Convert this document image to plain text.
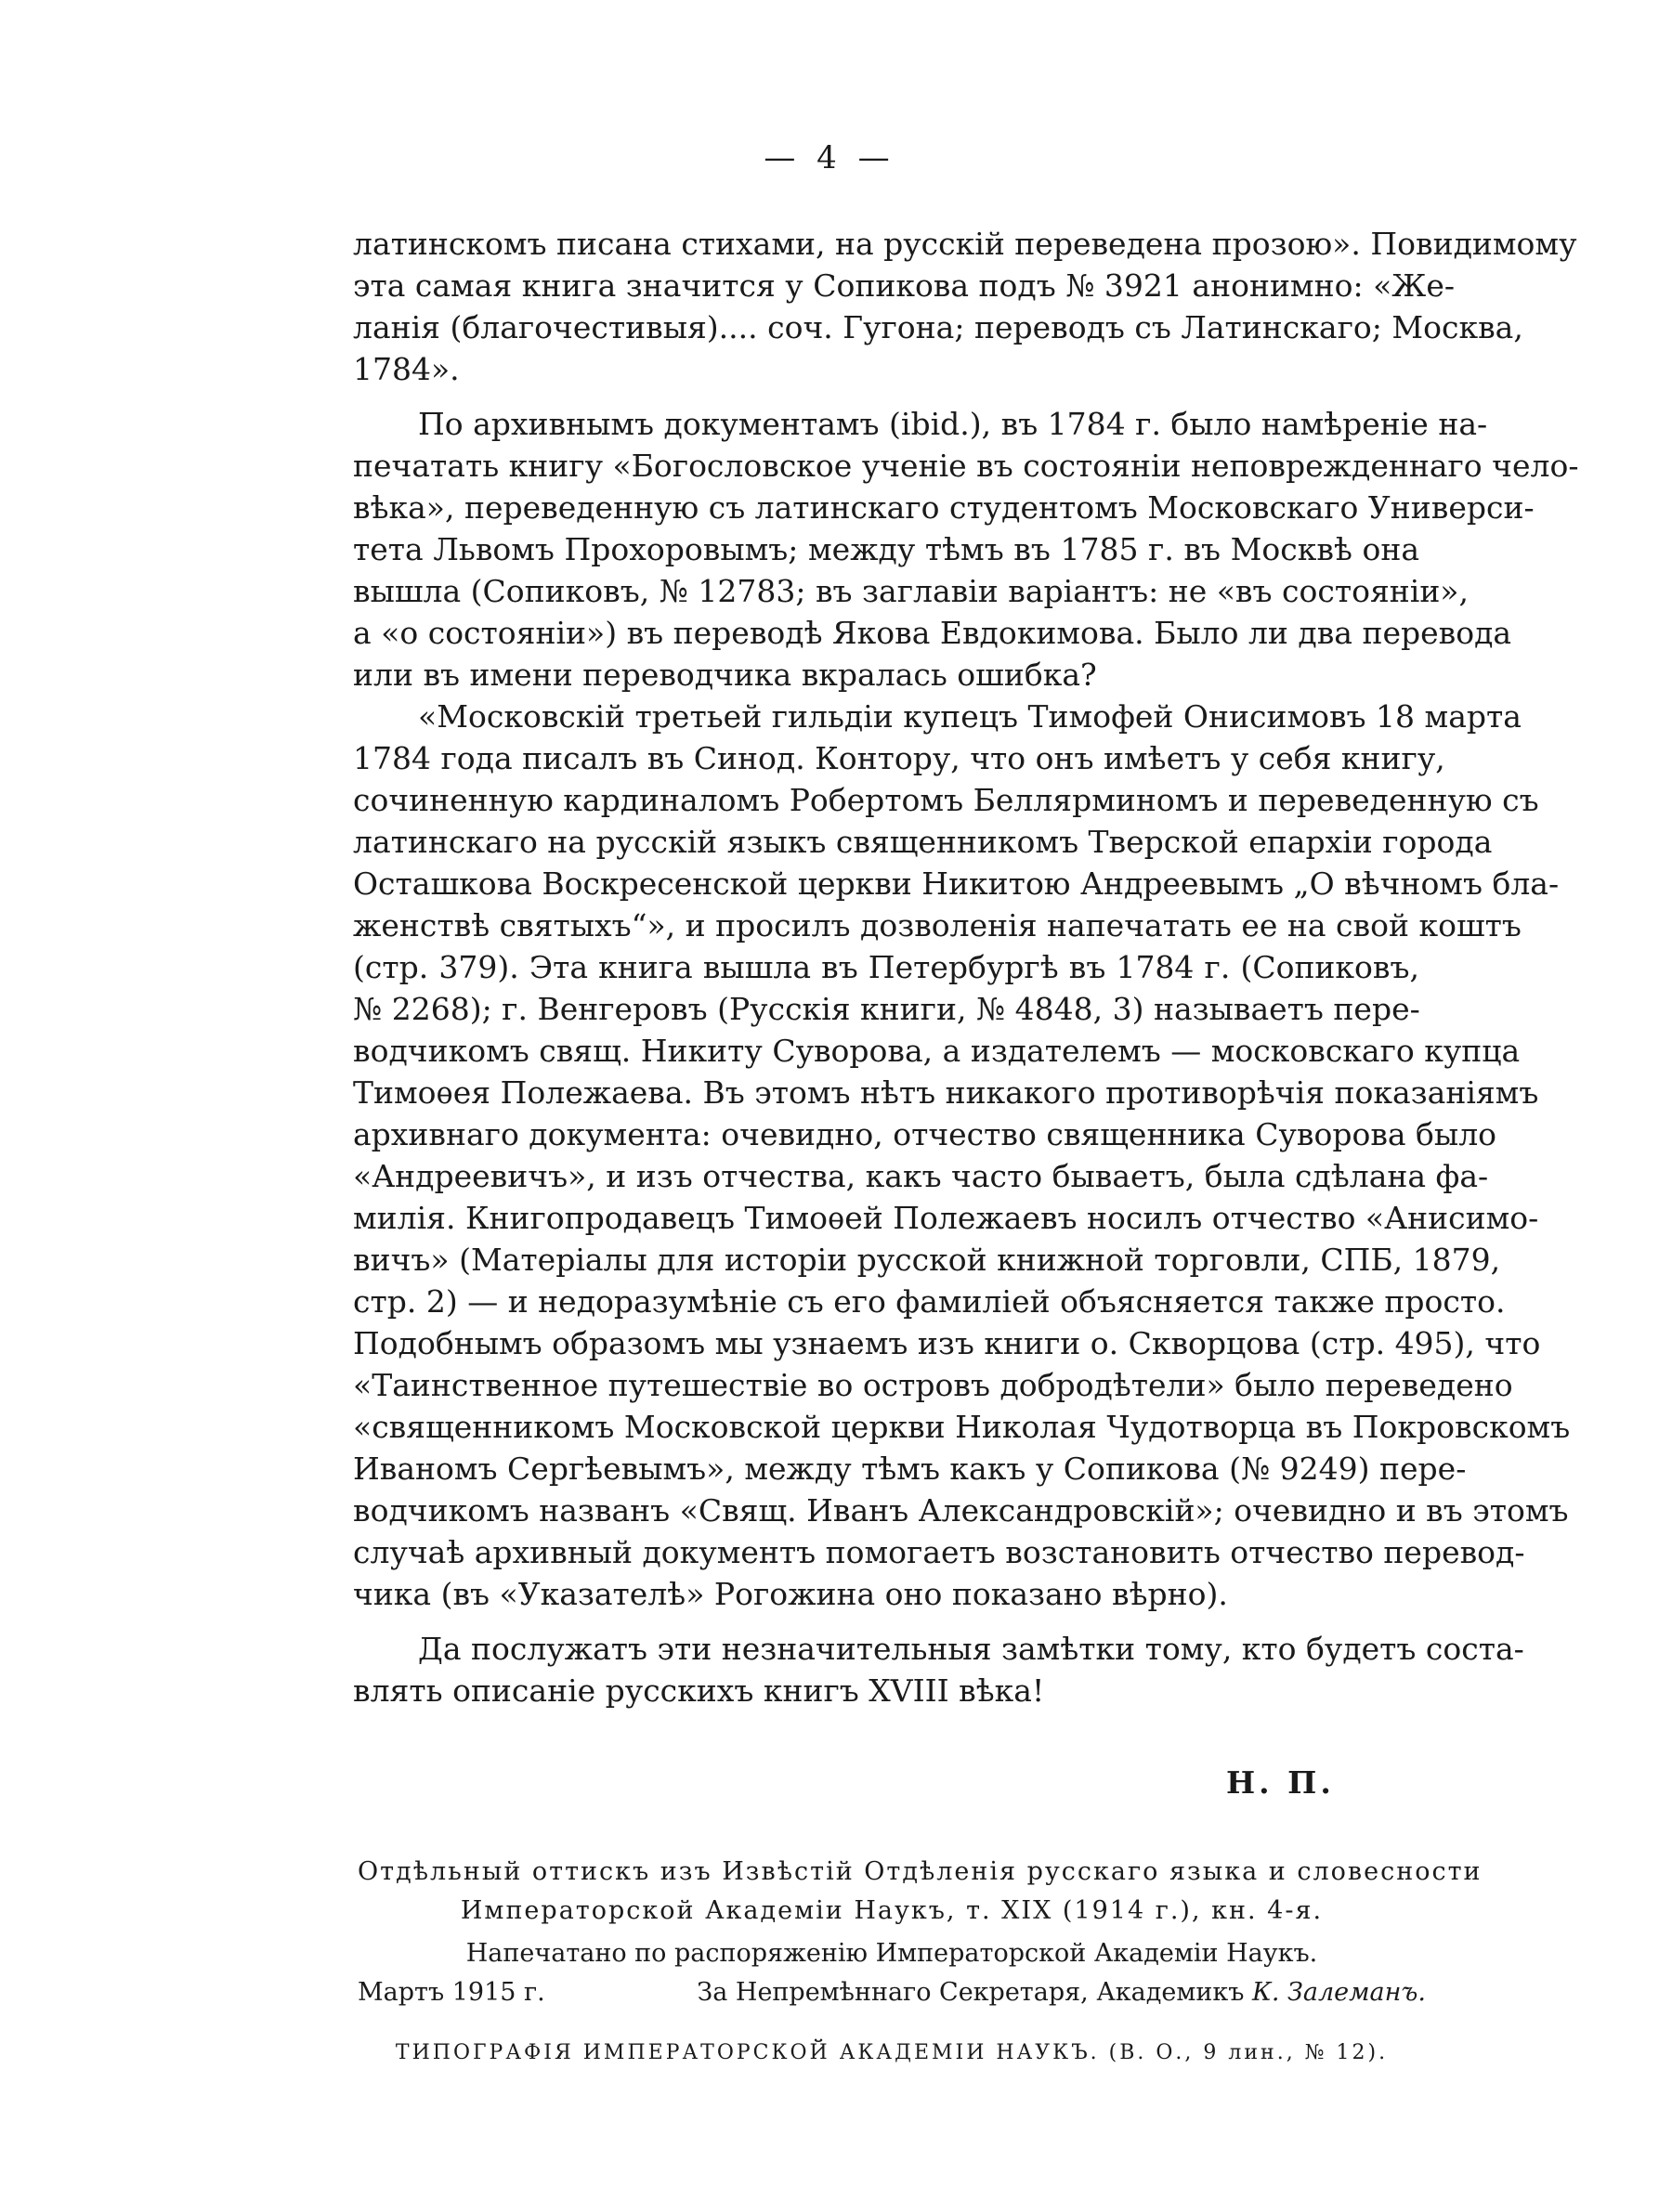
— 4 —
латинскомъ писана стихами, на русскій переведена прозою». Повидимому
эта самая книга значится у Сопикова подъ № 3921 анонимно: «Же-
ланія (благочестивыя).... соч. Гугона; переводъ съ Латинскаго; Москва,
1784».
По архивнымъ документамъ (ibid.), въ 1784 г. было намѣреніе на-
печатать книгу «Богословское ученіе въ состояніи неповрежденнаго чело-
вѣка», переведенную съ латинскаго студентомъ Московскаго Универси-
тета Львомъ Прохоровымъ; между тѣмъ въ 1785 г. въ Москвѣ она
вышла (Сопиковъ, № 12783; въ заглавіи варіантъ: не «въ состояніи»,
а «о состояніи») въ переводѣ Якова Евдокимова. Было ли два перевода
или въ имени переводчика вкралась ошибка?
«Московскій третьей гильдіи купецъ Тимофей Онисимовъ 18 марта
1784 года писалъ въ Синод. Контору, что онъ имѣетъ у себя книгу,
сочиненную кардиналомъ Робертомъ Беллярминомъ и переведенную съ
латинскаго на русскій языкъ священникомъ Тверской епархіи города
Осташкова Воскресенской церкви Никитою Андреевымъ „О вѣчномъ бла-
женствѣ святыхъ“», и просилъ дозволенія напечатать ее на свой коштъ
(стр. 379). Эта книга вышла въ Петербургѣ въ 1784 г. (Сопиковъ,
№ 2268); г. Венгеровъ (Русскія книги, № 4848, 3) называетъ пере-
водчикомъ свящ. Никиту Суворова, а издателемъ — московскаго купца
Тимоѳея Полежаева. Въ этомъ нѣтъ никакого противорѣчія показаніямъ
архивнаго документа: очевидно, отчество священника Суворова было
«Андреевичъ», и изъ отчества, какъ часто бываетъ, была сдѣлана фа-
милія. Книгопродавецъ Тимоѳей Полежаевъ носилъ отчество «Анисимо-
вичъ» (Матеріалы для исторіи русской книжной торговли, СПБ, 1879,
стр. 2) — и недоразумѣніе съ его фамиліей объясняется также просто.
Подобнымъ образомъ мы узнаемъ изъ книги о. Скворцова (стр. 495), что
«Таинственное путешествіе во островъ добродѣтели» было переведено
«священникомъ Московской церкви Николая Чудотворца въ Покровскомъ
Иваномъ Сергѣевымъ», между тѣмъ какъ у Сопикова (№ 9249) пере-
водчикомъ названъ «Свящ. Иванъ Александровскій»; очевидно и въ этомъ
случаѣ архивный документъ помогаетъ возстановить отчество перевод-
чика (въ «Указателѣ» Рогожина оно показано вѣрно).
Да послужатъ эти незначительныя замѣтки тому, кто будетъ соста-
влять описаніе русскихъ книгъ XVIII вѣка!
Н. П.
Отдѣльный оттискъ изъ Извѣстій Отдѣленія русскаго языка и словесности
Императорской Академіи Наукъ, т. XIX (1914 г.), кн. 4-я.
Напечатано по распоряженію Императорской Академіи Наукъ.
Мартъ 1915 г.	За Непремѣннаго Секретаря, Академикъ К. Залеманъ.
ТИПОГРАФІЯ ИМПЕРАТОРСКОЙ АКАДЕМІИ НАУКЪ. (В. О., 9 лин., № 12).
